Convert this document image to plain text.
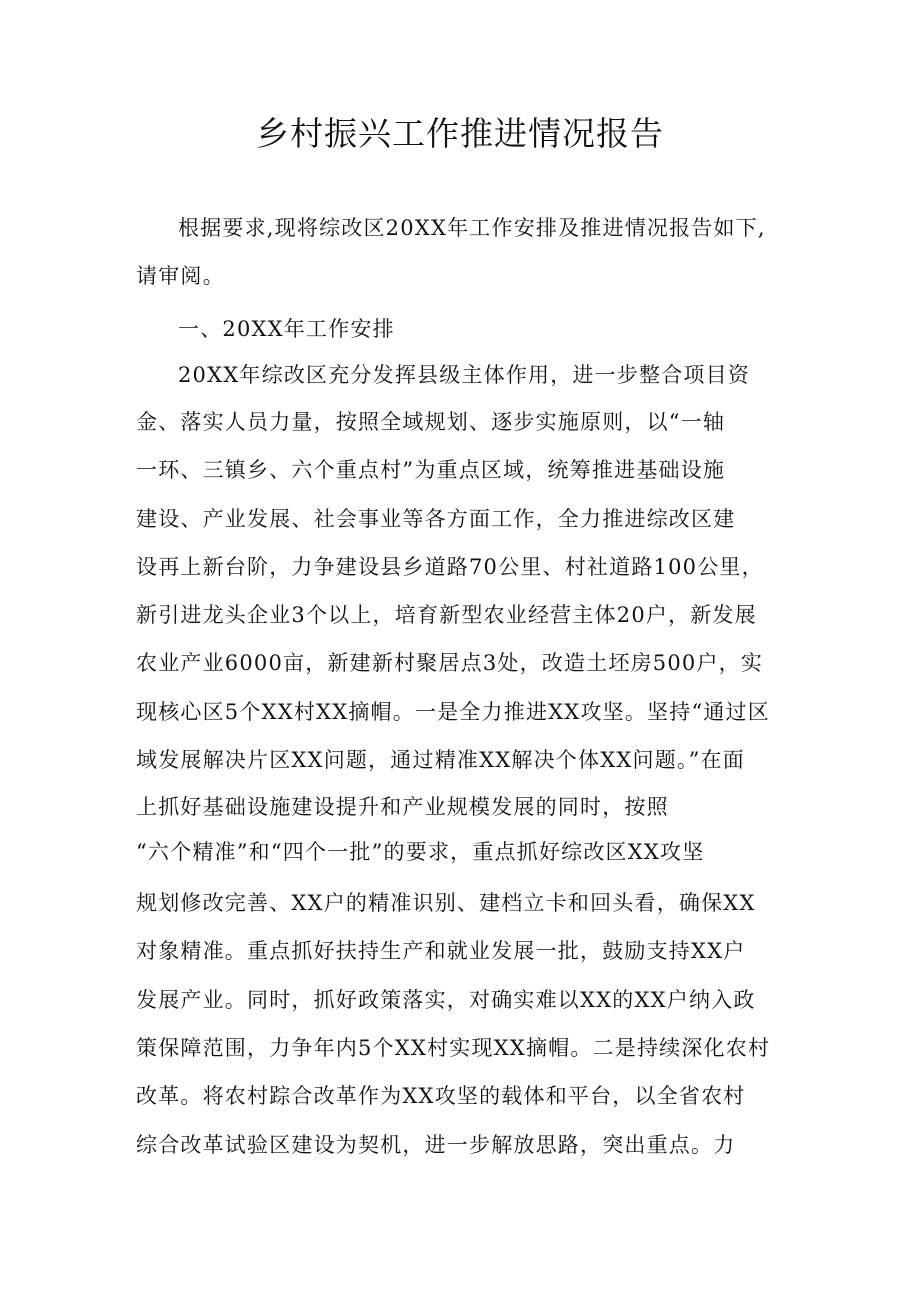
乡村振兴工作推进情况报告
根据要求,现将综改区20XX年工作安排及推进情况报告如下,
请审阅。
一、20XX年工作安排
20XX年综改区充分发挥县级主体作用，进一步整合项目资
金、落实人员力量，按照全域规划、逐步实施原则，以“一轴
一环、三镇乡、六个重点村”为重点区域，统筹推进基础设施
建设、产业发展、社会事业等各方面工作，全力推进综改区建
设再上新台阶，力争建设县乡道路70公里、村社道路100公里，
新引进龙头企业3个以上，培育新型农业经营主体20户，新发展
农业产业6000亩，新建新村聚居点3处，改造土坯房500户，实
现核心区5个XX村XX摘帽。一是全力推进XX攻坚。坚持“通过区
域发展解决片区XX问题，通过精准XX解决个体XX问题。”在面
上抓好基础设施建设提升和产业规模发展的同时，按照
“六个精准”和“四个一批”的要求，重点抓好综改区XX攻坚
规划修改完善、XX户的精准识别、建档立卡和回头看，确保XX
对象精准。重点抓好扶持生产和就业发展一批，鼓励支持XX户
发展产业。同时，抓好政策落实，对确实难以XX的XX户纳入政
策保障范围，力争年内5个XX村实现XX摘帽。二是持续深化农村
改革。将农村踪合改革作为XX攻坚的载体和平台，以全省农村
综合改革试验区建设为契机，进一步解放思路，突出重点。力
